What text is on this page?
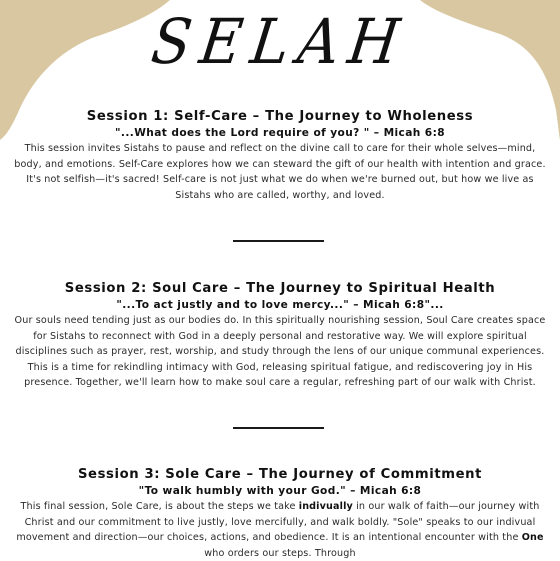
SELAH
Session 1: Self-Care – The Journey to Wholeness
"...What does the Lord require of you? " – Micah 6:8
This session invites Sistahs to pause and reflect on the divine call to care for their whole selves—mind, body, and emotions. Self-Care explores how we can steward the gift of our health with intention and grace. It's not selfish—it's sacred! Self-care is not just what we do when we're burned out, but how we live as Sistahs who are called, worthy, and loved.
Session 2: Soul Care – The Journey to Spiritual Health
"...To act justly and to love mercy..." – Micah 6:8"...
Our souls need tending just as our bodies do. In this spiritually nourishing session, Soul Care creates space for Sistahs to reconnect with God in a deeply personal and restorative way. We will explore spiritual disciplines such as prayer, rest, worship, and study through the lens of our unique communal experiences. This is a time for rekindling intimacy with God, releasing spiritual fatigue, and rediscovering joy in His presence. Together, we'll learn how to make soul care a regular, refreshing part of our walk with Christ.
Session 3: Sole Care – The Journey of Commitment
"To walk humbly with your God." – Micah 6:8
This final session, Sole Care, is about the steps we take indivually in our walk of faith—our journey with Christ and our commitment to live justly, love mercifully, and walk boldly. "Sole" speaks to our indivual movement and direction—our choices, actions, and obedience. It is an intentional encounter with the One who orders our steps. Through
